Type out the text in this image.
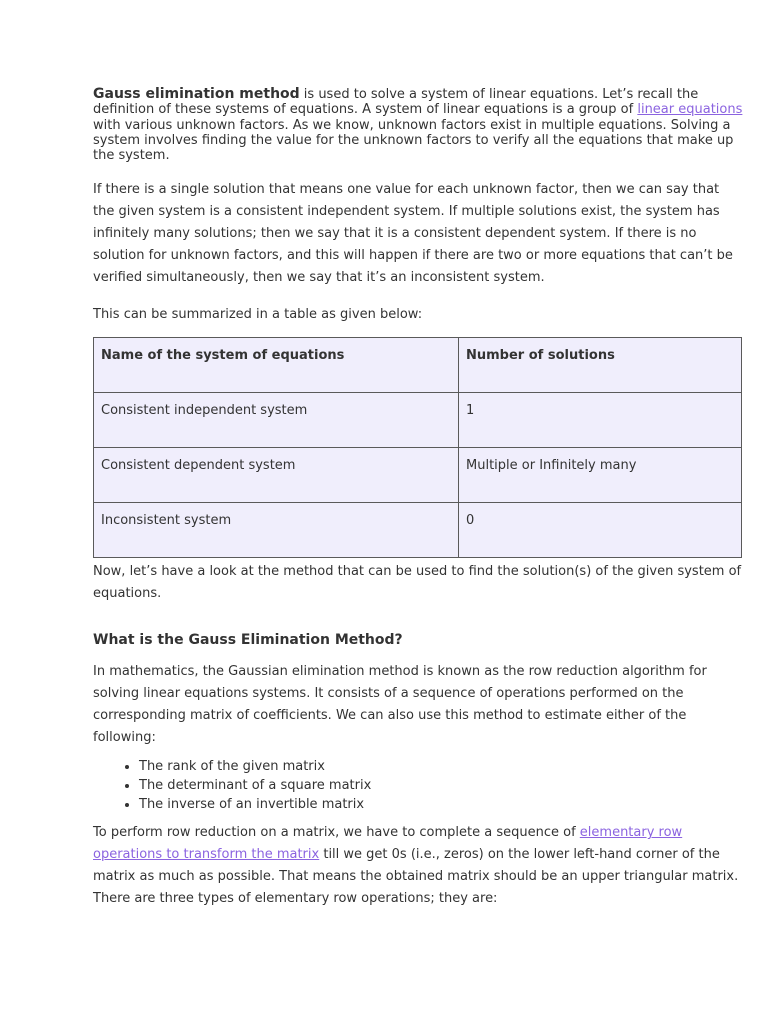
Gauss elimination method is used to solve a system of linear equations. Let’s recall the definition of these systems of equations. A system of linear equations is a group of linear equations with various unknown factors. As we know, unknown factors exist in multiple equations. Solving a system involves finding the value for the unknown factors to verify all the equations that make up the system.

If there is a single solution that means one value for each unknown factor, then we can say that the given system is a consistent independent system. If multiple solutions exist, the system has infinitely many solutions; then we say that it is a consistent dependent system. If there is no solution for unknown factors, and this will happen if there are two or more equations that can’t be verified simultaneously, then we say that it’s an inconsistent system.

This can be summarized in a table as given below:

Name of the system of equations	Number of solutions
Consistent independent system	1
Consistent dependent system	Multiple or Infinitely many
Inconsistent system	0

Now, let’s have a look at the method that can be used to find the solution(s) of the given system of equations.

What is the Gauss Elimination Method?

In mathematics, the Gaussian elimination method is known as the row reduction algorithm for solving linear equations systems. It consists of a sequence of operations performed on the corresponding matrix of coefficients. We can also use this method to estimate either of the following:

• The rank of the given matrix
• The determinant of a square matrix
• The inverse of an invertible matrix

To perform row reduction on a matrix, we have to complete a sequence of elementary row operations to transform the matrix till we get 0s (i.e., zeros) on the lower left-hand corner of the matrix as much as possible. That means the obtained matrix should be an upper triangular matrix. There are three types of elementary row operations; they are:
